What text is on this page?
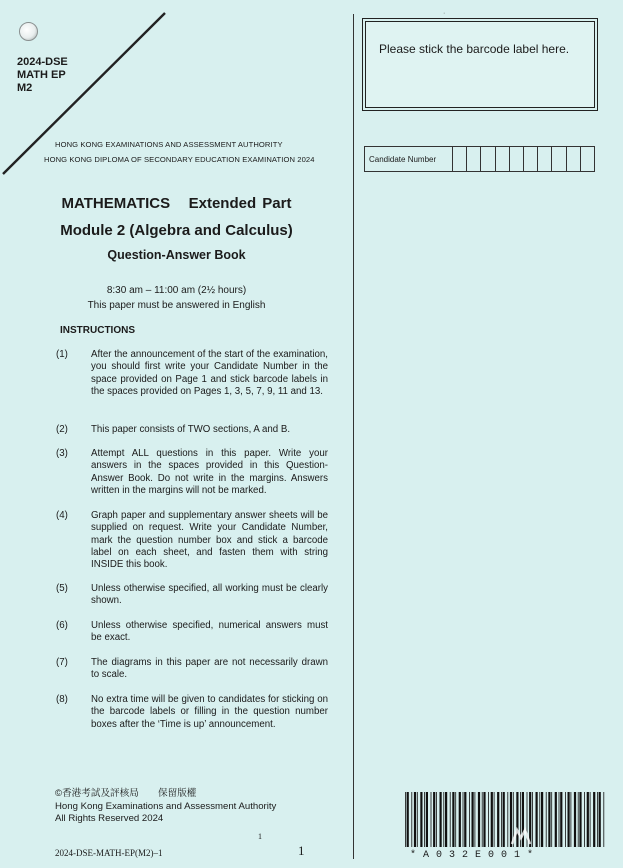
·
2024-DSE
MATH EP
M2
HONG KONG EXAMINATIONS AND ASSESSMENT AUTHORITY
HONG KONG DIPLOMA OF SECONDARY EDUCATION EXAMINATION 2024
Please stick the barcode label here.
Candidate Number
MATHEMATICS   Extended Part
Module 2 (Algebra and Calculus)
Question-Answer Book
8:30 am – 11:00 am (2½ hours)
This paper must be answered in English
INSTRUCTIONS
(1) After the announcement of the start of the examination, you should first write your Candidate Number in the space provided on Page 1 and stick barcode labels in the spaces provided on Pages 1, 3, 5, 7, 9, 11 and 13.
(2) This paper consists of TWO sections, A and B.
(3) Attempt ALL questions in this paper. Write your answers in the spaces provided in this Question-Answer Book. Do not write in the margins. Answers written in the margins will not be marked.
(4) Graph paper and supplementary answer sheets will be supplied on request. Write your Candidate Number, mark the question number box and stick a barcode label on each sheet, and fasten them with string INSIDE this book.
(5) Unless otherwise specified, all working must be clearly shown.
(6) Unless otherwise specified, numerical answers must be exact.
(7) The diagrams in this paper are not necessarily drawn to scale.
(8) No extra time will be given to candidates for sticking on the barcode labels or filling in the question number boxes after the ‘Time is up’ announcement.
©香港考試及評核局　　保留版權
Hong Kong Examinations and Assessment Authority
All Rights Reserved 2024
1
2024-DSE-MATH-EP(M2)–1	1	*A032E001*
